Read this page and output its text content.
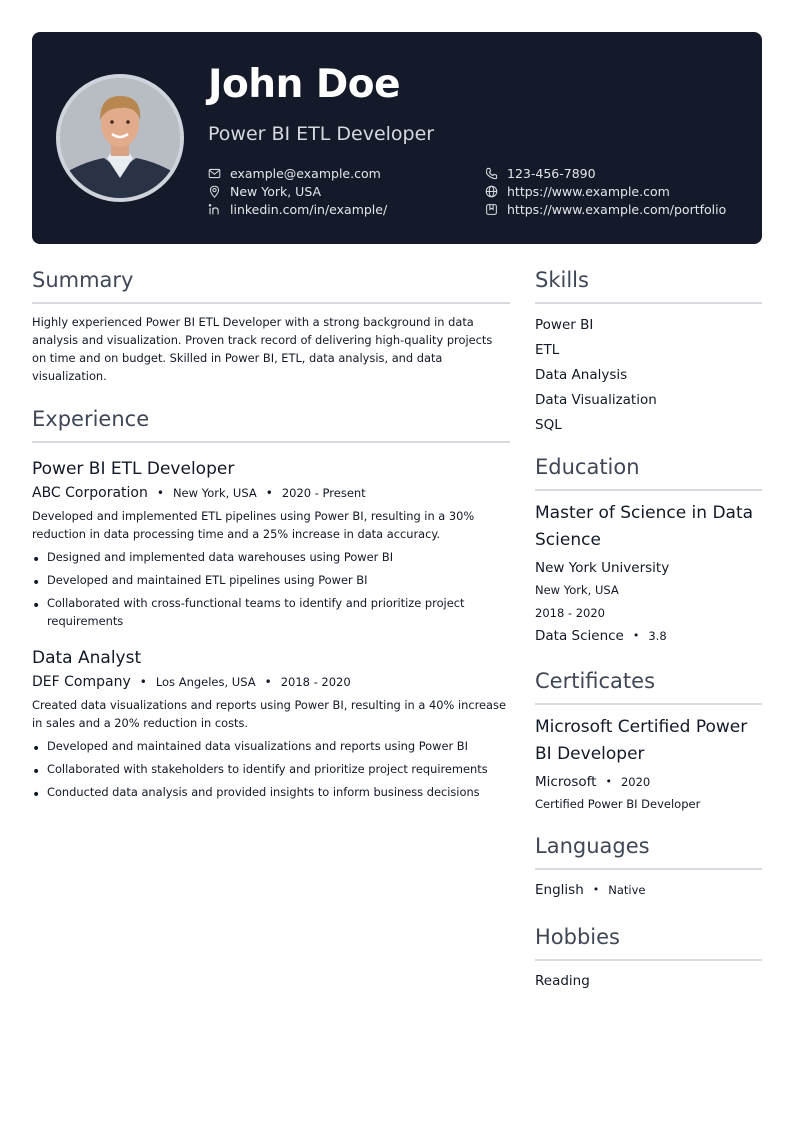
John Doe
Power BI ETL Developer
example@example.com	123-456-7890
New York, USA	https://www.example.com
linkedin.com/in/example/	https://www.example.com/portfolio
Summary

Highly experienced Power BI ETL Developer with a strong background in data analysis and visualization. Proven track record of delivering high-quality projects on time and on budget. Skilled in Power BI, ETL, data analysis, and data visualization.

Experience
Power BI ETL Developer
ABC Corporation • New York, USA • 2020 - Present

Developed and implemented ETL pipelines using Power BI, resulting in a 30% reduction in data processing time and a 25% increase in data accuracy.

• Designed and implemented data warehouses using Power BI
• Developed and maintained ETL pipelines using Power BI
• Collaborated with cross-functional teams to identify and prioritize project requirements
Data Analyst
DEF Company • Los Angeles, USA • 2018 - 2020

Created data visualizations and reports using Power BI, resulting in a 40% increase in sales and a 20% reduction in costs.

• Developed and maintained data visualizations and reports using Power BI
• Collaborated with stakeholders to identify and prioritize project requirements
• Conducted data analysis and provided insights to inform business decisions
Skills
Power BI
ETL
Data Analysis
Data Visualization
SQL
Education
Master of Science in Data Science
New York University
New York, USA
2018 - 2020
Data Science • 3.8
Certificates
Microsoft Certified Power BI Developer
Microsoft • 2020
Certified Power BI Developer
Languages
English • Native
Hobbies
Reading
